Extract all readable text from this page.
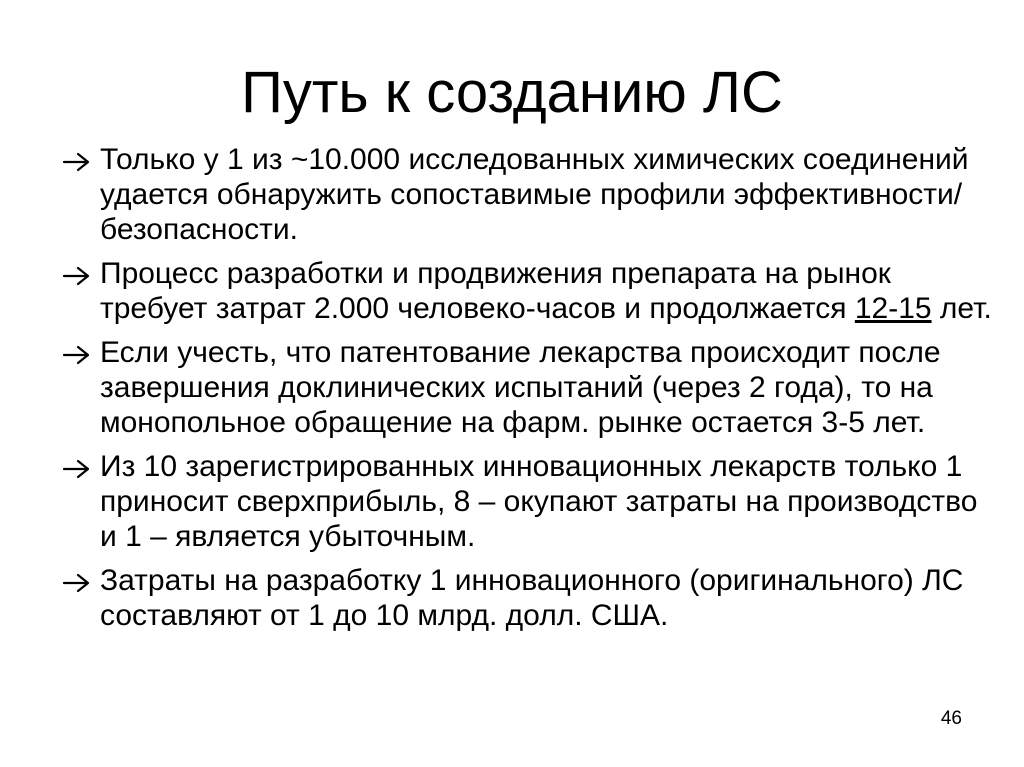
Путь к созданию ЛС
Только у 1 из ~10.000 исследованных химических соединений удается обнаружить сопоставимые профили эффективности/безопасности.
Процесс разработки и продвижения препарата на рынок требует затрат 2.000 человеко-часов и продолжается 12-15 лет.
Если учесть, что патентование лекарства происходит после завершения доклинических испытаний (через 2 года), то на монопольное обращение на фарм. рынке остается 3-5 лет.
Из 10 зарегистрированных инновационных лекарств только 1 приносит сверхприбыль, 8 – окупают затраты на производство и 1 – является убыточным.
Затраты на разработку 1 инновационного (оригинального) ЛС составляют от 1 до 10 млрд. долл. США.
46
